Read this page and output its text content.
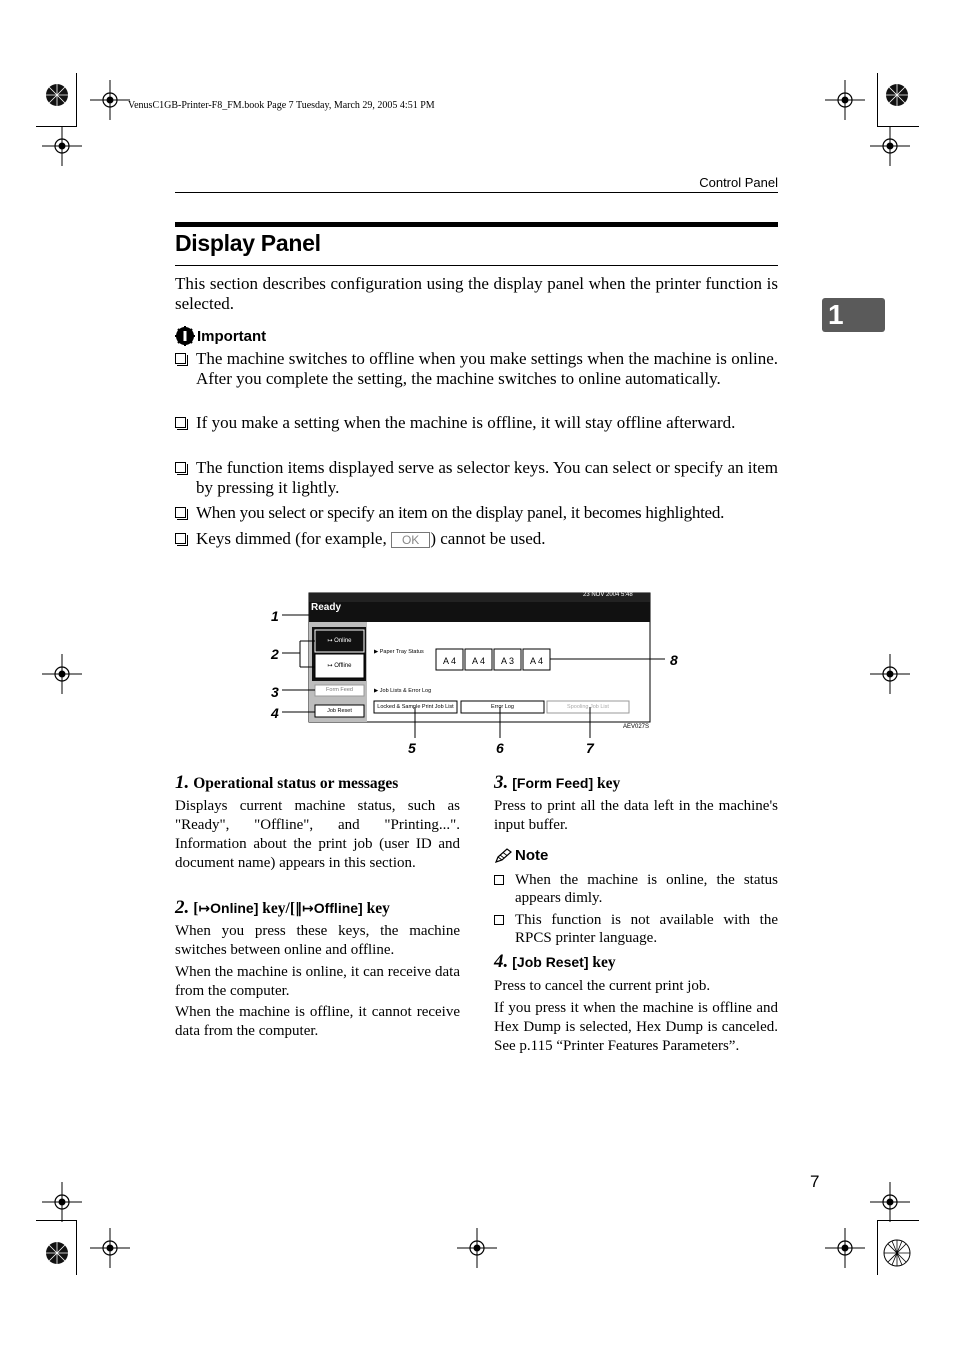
VenusC1GB-Printer-F8_FM.book Page 7 Tuesday, March 29, 2005 4:51 PM
Control Panel
1
Display Panel
This section describes configuration using the display panel when the printer function is selected.
Important
The machine switches to offline when you make settings when the machine is online. After you complete the setting, the machine switches to online automatically.
If you make a setting when the machine is offline, it will stay offline afterward.
The function items displayed serve as selector keys. You can select or specify an item by pressing it lightly.
When you select or specify an item on the display panel, it becomes highlighted.
Keys dimmed (for example, OK ) cannot be used.
Ready
23 NOV 2004 5:48
↦ Online
↦ Offline
Form Feed
Job Reset
▶ Paper Tray Status
A 4	A 4	A 3	A 4
▶ Job Lists & Error Log
Locked & Sample Print Job List	Error Log	Spooling Job List
AEV027S
1
2
3
4
5	6	7
8
1. Operational status or messages
Displays current machine status, such as "Ready", "Offline", and "Printing...". Information about the print job (user ID and document name) appears in this section.
2. [↦Online] key/[‖↦Offline] key
When you press these keys, the machine switches between online and offline.
When the machine is online, it can receive data from the computer.
When the machine is offline, it cannot receive data from the computer.
3. [Form Feed] key
Press to print all the data left in the machine's input buffer.
Note
When the machine is online, the status appears dimly.
This function is not available with the RPCS printer language.
4. [Job Reset] key
Press to cancel the current print job.
If you press it when the machine is offline and Hex Dump is selected, Hex Dump is canceled. See p.115 “Printer Features Parameters”.
7
